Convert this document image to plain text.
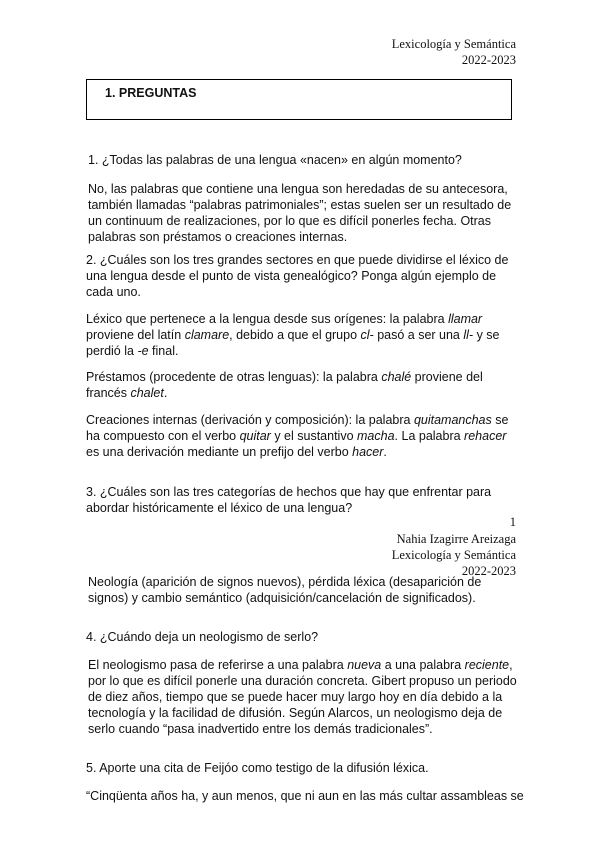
Lexicología y Semántica
2022-2023
1. PREGUNTAS

1. ¿Todas las palabras de una lengua «nacen» en algún momento?

No, las palabras que contiene una lengua son heredadas de su antecesora, también llamadas “palabras patrimoniales”; estas suelen ser un resultado de un continuum de realizaciones, por lo que es difícil ponerles fecha. Otras palabras son préstamos o creaciones internas.

2. ¿Cuáles son los tres grandes sectores en que puede dividirse el léxico de una lengua desde el punto de vista genealógico? Ponga algún ejemplo de cada uno.

Léxico que pertenece a la lengua desde sus orígenes: la palabra llamar proviene del latín clamare, debido a que el grupo cl- pasó a ser una ll- y se perdió la -e final.

Préstamos (procedente de otras lenguas): la palabra chalé proviene del francés chalet.

Creaciones internas (derivación y composición): la palabra quitamanchas se ha compuesto con el verbo quitar y el sustantivo macha. La palabra rehacer es una derivación mediante un prefijo del verbo hacer.

3. ¿Cuáles son las tres categorías de hechos que hay que enfrentar para abordar históricamente el léxico de una lengua?

1
Nahia Izagirre Areizaga
Lexicología y Semántica
2022-2023

Neología (aparición de signos nuevos), pérdida léxica (desaparición de signos) y cambio semántico (adquisición/cancelación de significados).

4. ¿Cuándo deja un neologismo de serlo?

El neologismo pasa de referirse a una palabra nueva a una palabra reciente, por lo que es difícil ponerle una duración concreta. Gibert propuso un periodo de diez años, tiempo que se puede hacer muy largo hoy en día debido a la tecnología y la facilidad de difusión. Según Alarcos, un neologismo deja de serlo cuando “pasa inadvertido entre los demás tradicionales”.

5. Aporte una cita de Feijóo como testigo de la difusión léxica.

“Cinqüenta años ha, y aun menos, que ni aun en las más cultar assambleas se
